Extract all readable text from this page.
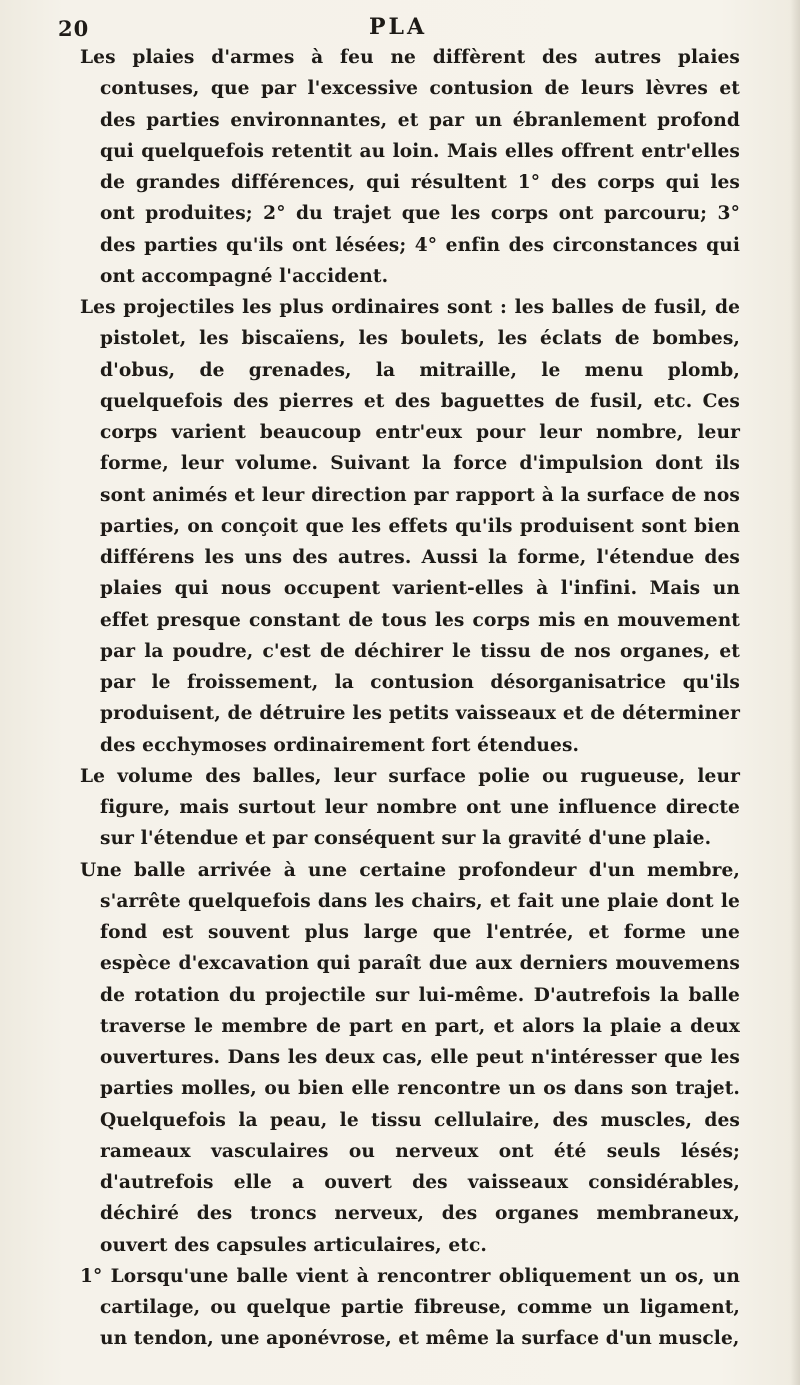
20	PLA

Les plaies d'armes à feu ne diffèrent des autres plaies contuses, que par l'excessive contusion de leurs lèvres et des parties environnantes, et par un ébranlement profond qui quelquefois retentit au loin. Mais elles offrent entr'elles de grandes différences, qui résultent 1° des corps qui les ont produites; 2° du trajet que les corps ont parcouru; 3° des parties qu'ils ont lésées; 4° enfin des circonstances qui ont accompagné l'accident.

Les projectiles les plus ordinaires sont : les balles de fusil, de pistolet, les biscaïens, les boulets, les éclats de bombes, d'obus, de grenades, la mitraille, le menu plomb, quelquefois des pierres et des baguettes de fusil, etc. Ces corps varient beaucoup entr'eux pour leur nombre, leur forme, leur volume. Suivant la force d'impulsion dont ils sont animés et leur direction par rapport à la surface de nos parties, on conçoit que les effets qu'ils produisent sont bien différens les uns des autres. Aussi la forme, l'étendue des plaies qui nous occupent varient-elles à l'infini. Mais un effet presque constant de tous les corps mis en mouvement par la poudre, c'est de déchirer le tissu de nos organes, et par le froissement, la contusion désorganisatrice qu'ils produisent, de détruire les petits vaisseaux et de déterminer des ecchymoses ordinairement fort étendues.

Le volume des balles, leur surface polie ou rugueuse, leur figure, mais surtout leur nombre ont une influence directe sur l'étendue et par conséquent sur la gravité d'une plaie.

Une balle arrivée à une certaine profondeur d'un membre, s'arrête quelquefois dans les chairs, et fait une plaie dont le fond est souvent plus large que l'entrée, et forme une espèce d'excavation qui paraît due aux derniers mouvemens de rotation du projectile sur lui-même. D'autrefois la balle traverse le membre de part en part, et alors la plaie a deux ouvertures. Dans les deux cas, elle peut n'intéresser que les parties molles, ou bien elle rencontre un os dans son trajet. Quelquefois la peau, le tissu cellulaire, des muscles, des rameaux vasculaires ou nerveux ont été seuls lésés; d'autrefois elle a ouvert des vaisseaux considérables, déchiré des troncs nerveux, des organes membraneux, ouvert des capsules articulaires, etc.

1° Lorsqu'une balle vient à rencontrer obliquement un os, un cartilage, ou quelque partie fibreuse, comme un ligament, un tendon, une aponévrose, et même la surface d'un muscle,
